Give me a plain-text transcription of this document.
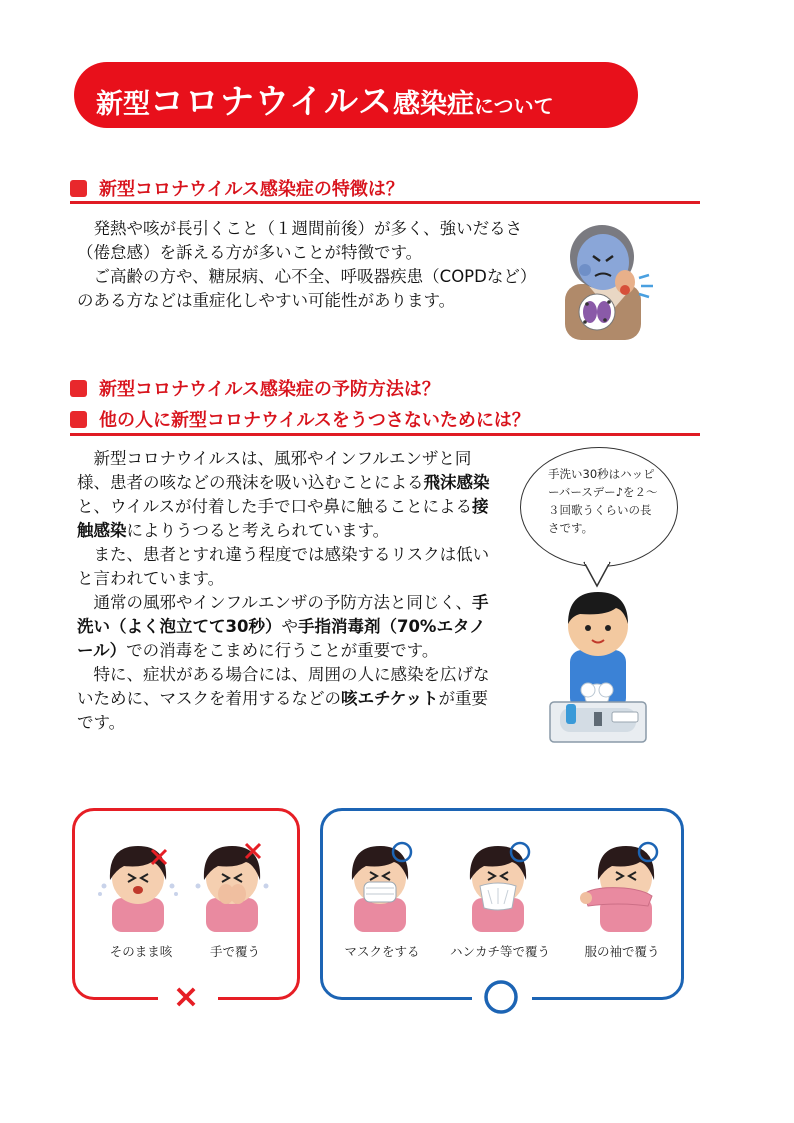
新型 コロナウイルス 感染症 について
新型コロナウイルス感染症の特徴は？

　発熱や咳が長引くこと（１週間前後）が多く、強いだるさ（倦怠感）を訴える方が多いことが特徴です。

　ご高齢の方や、糖尿病、心不全、呼吸器疾患（COPDなど）のある方などは重症化しやすい可能性があります。

新型コロナウイルス感染症の予防方法は？
他の人に新型コロナウイルスをうつさないためには？

　新型コロナウイルスは、風邪やインフルエンザと同様、患者の咳などの飛沫を吸い込むことによる飛沫感染と、ウイルスが付着した手で口や鼻に触ることによる接触感染によりうつると考えられています。

　また、患者とすれ違う程度では感染するリスクは低いと言われています。

　通常の風邪やインフルエンザの予防方法と同じく、手洗い（よく泡立てて30秒）や手指消毒剤（70%エタノール）での消毒をこまめに行うことが重要です。

　特に、症状がある場合には、周囲の人に感染を広げないために、マスクを着用するなどの咳エチケットが重要です。

手洗い30秒はハッピーバースデー♪を２～３回歌うくらいの長さです。
×
そのまま咳	手で覆う	マスクをする	ハンカチ等で覆う	服の袖で覆う
